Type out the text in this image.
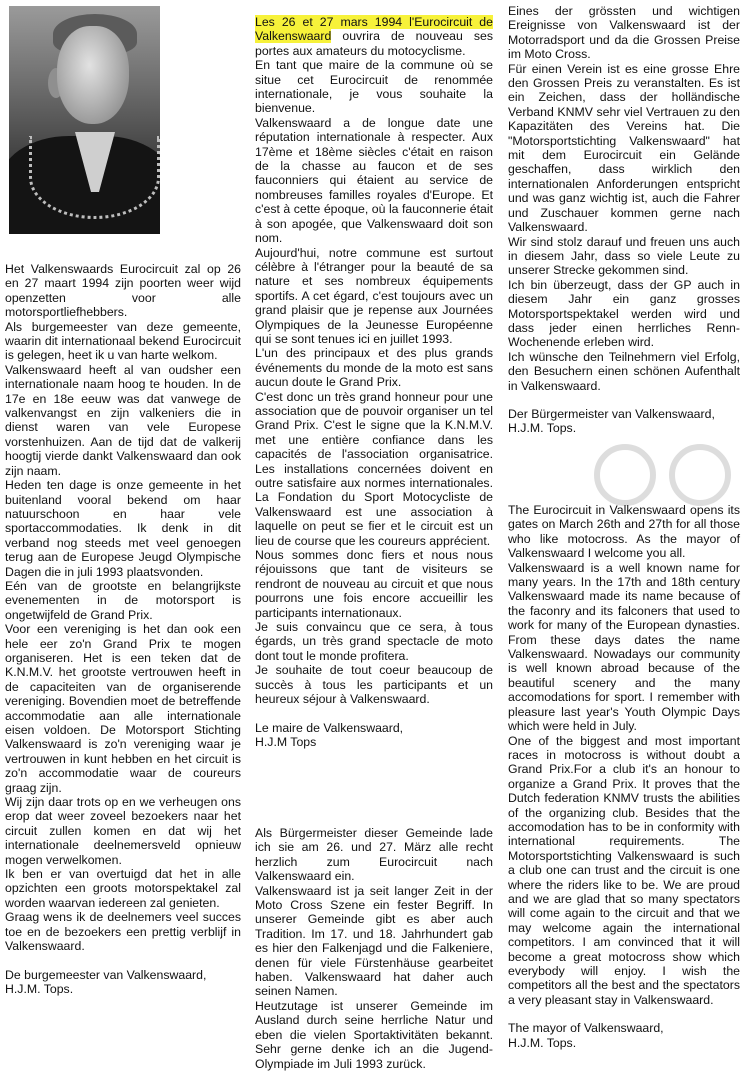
Het Valkenswaards Eurocircuit zal op 26 en 27 maart 1994 zijn poorten weer wijd openzetten voor alle motorsportliefhebbers.

Als burgemeester van deze gemeente, waarin dit internationaal bekend Eurocircuit is gelegen, heet ik u van harte welkom.

Valkenswaard heeft al van oudsher een internationale naam hoog te houden. In de 17e en 18e eeuw was dat vanwege de valkenvangst en zijn valkeniers die in dienst waren van vele Europese vorstenhuizen. Aan de tijd dat de valkerij hoogtij vierde dankt Valkenswaard dan ook zijn naam.

Heden ten dage is onze gemeente in het buitenland vooral bekend om haar natuurschoon en haar vele sportaccommodaties. Ik denk in dit verband nog steeds met veel genoegen terug aan de Europese Jeugd Olympische Dagen die in juli 1993 plaatsvonden.

Eén van de grootste en belangrijkste evenementen in de motorsport is ongetwijfeld de Grand Prix.

Voor een vereniging is het dan ook een hele eer zo'n Grand Prix te mogen organiseren. Het is een teken dat de K.N.M.V. het grootste vertrouwen heeft in de capaciteiten van de organiserende vereniging. Bovendien moet de betreffende accommodatie aan alle internationale eisen voldoen. De Motorsport Stichting Valkenswaard is zo'n vereniging waar je vertrouwen in kunt hebben en het circuit is zo'n accommodatie waar de coureurs graag zijn.

Wij zijn daar trots op en we verheugen ons erop dat weer zoveel bezoekers naar het circuit zullen komen en dat wij het internationale deelnemersveld opnieuw mogen verwelkomen.

Ik ben er van overtuigd dat het in alle opzichten een groots motorspektakel zal worden waarvan iedereen zal genieten.

Graag wens ik de deelnemers veel succes toe en de bezoekers een prettig verblijf in Valkenswaard.

De burgemeester van Valkenswaard,

H.J.M. Tops.

Les 26 et 27 mars 1994 l'Eurocircuit de Valkenswaard ouvrira de nouveau ses portes aux amateurs du motocyclisme.

En tant que maire de la commune où se situe cet Eurocircuit de renommée internationale, je vous souhaite la bienvenue.

Valkenswaard a de longue date une réputation internationale à respecter. Aux 17ème et 18ème siècles c'était en raison de la chasse au faucon et de ses fauconniers qui étaient au service de nombreuses familles royales d'Europe. Et c'est à cette époque, où la fauconnerie était à son apogée, que Valkenswaard doit son nom.

Aujourd'hui, notre commune est surtout célèbre à l'étranger pour la beauté de sa nature et ses nombreux équipements sportifs. A cet égard, c'est toujours avec un grand plaisir que je repense aux Journées Olympiques de la Jeunesse Européenne qui se sont tenues ici en juillet 1993.

L'un des principaux et des plus grands événements du monde de la moto est sans aucun doute le Grand Prix.

C'est donc un très grand honneur pour une association que de pouvoir organiser un tel Grand Prix. C'est le signe que la K.N.M.V. met une entière confiance dans les capacités de l'association organisatrice. Les installations concernées doivent en outre satisfaire aux normes internationales. La Fondation du Sport Motocycliste de Valkenswaard est une association à laquelle on peut se fier et le circuit est un lieu de course que les coureurs apprécient.

Nous sommes donc fiers et nous nous réjouissons que tant de visiteurs se rendront de nouveau au circuit et que nous pourrons une fois encore accueillir les participants internationaux.

Je suis convaincu que ce sera, à tous égards, un très grand spectacle de moto dont tout le monde profitera.

Je souhaite de tout coeur beaucoup de succès à tous les participants et un heureux séjour à Valkenswaard.

Le maire de Valkenswaard,

H.J.M Tops

Als Bürgermeister dieser Gemeinde lade ich sie am 26. und 27. März alle recht herzlich zum Eurocircuit nach Valkenswaard ein.

Valkenswaard ist ja seit langer Zeit in der Moto Cross Szene ein fester Begriff. In unserer Gemeinde gibt es aber auch Tradition. Im 17. und 18. Jahrhundert gab es hier den Falkenjagd und die Falkeniere, denen für viele Fürstenhäuse gearbeitet haben. Valkenswaard hat daher auch seinen Namen.

Heutzutage ist unserer Gemeinde im Ausland durch seine herrliche Natur und eben die vielen Sportaktivitäten bekannt. Sehr gerne denke ich an die Jugend-Olympiade im Juli 1993 zurück.

Eines der grössten und wichtigen Ereignisse von Valkenswaard ist der Motorradsport und da die Grossen Preise im Moto Cross.

Für einen Verein ist es eine grosse Ehre den Grossen Preis zu veranstalten. Es ist ein Zeichen, dass der holländische Verband KNMV sehr viel Vertrauen zu den Kapazitäten des Vereins hat. Die "Motorsportstichting Valkenswaard" hat mit dem Eurocircuit ein Gelände geschaffen, dass wirklich den internationalen Anforderungen entspricht und was ganz wichtig ist, auch die Fahrer und Zuschauer kommen gerne nach Valkenswaard.

Wir sind stolz darauf und freuen uns auch in diesem Jahr, dass so viele Leute zu unserer Strecke gekommen sind.

Ich bin überzeugt, dass der GP auch in diesem Jahr ein ganz grosses Motorsportspektakel werden wird und dass jeder einen herrliches Renn-Wochenende erleben wird.

Ich wünsche den Teilnehmern viel Erfolg, den Besuchern einen schönen Aufenthalt in Valkenswaard.

Der Bürgermeister van Valkenswaard,

H.J.M. Tops.

The Eurocircuit in Valkenswaard opens its gates on March 26th and 27th for all those who like motocross. As the mayor of Valkenswaard I welcome you all.

Valkenswaard is a well known name for many years. In the 17th and 18th century Valkenswaard made its name because of the faconry and its falconers that used to work for many of the European dynasties. From these days dates the name Valkenswaard. Nowadays our community is well known abroad because of the beautiful scenery and the many accomodations for sport. I remember with pleasure last year's Youth Olympic Days which were held in July.

One of the biggest and most important races in motocross is without doubt a Grand Prix.For a club it's an honour to organize a Grand Prix. It proves that the Dutch federation KNMV trusts the abilities of the organizing club. Besides that the accomodation has to be in conformity with international requirements. The Motorsportstichting Valkenswaard is such a club one can trust and the circuit is one where the riders like to be. We are proud and we are glad that so many spectators will come again to the circuit and that we may welcome again the international competitors. I am convinced that it will become a great motocross show which everybody will enjoy. I wish the competitors all the best and the spectators a very pleasant stay in Valkenswaard.

The mayor of Valkenswaard,

H.J.M. Tops.
